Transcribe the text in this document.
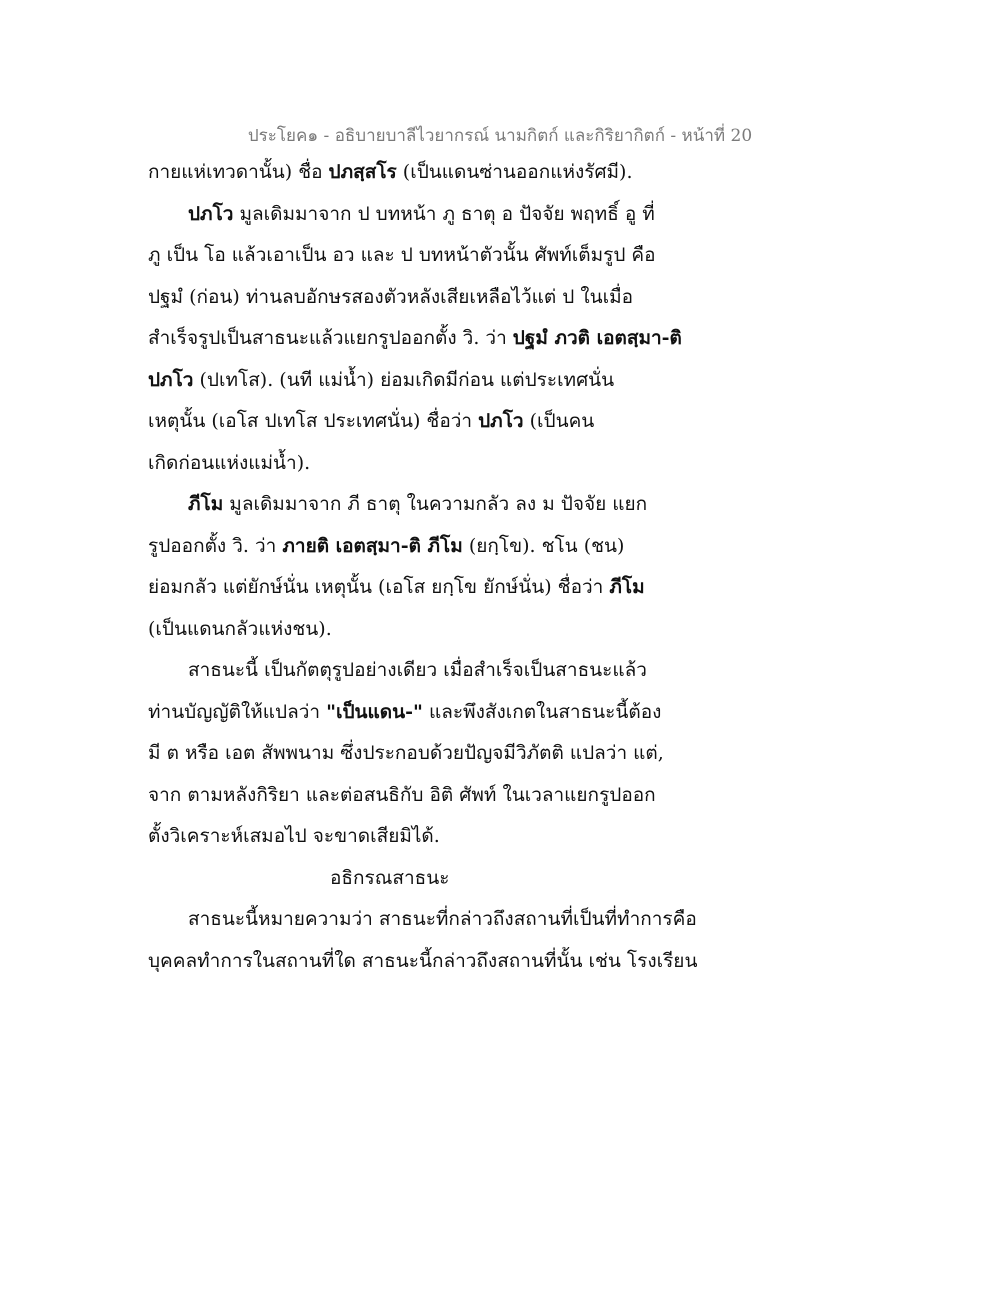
ประโยค๑ - อธิบายบาลีไวยากรณ์ นามกิตก์ และกิริยากิตก์ - หน้าที่ 20
กายแห่เทวดานั้น) ชื่อ ปภสฺสโร (เป็นแดนซ่านออกแห่งรัศมี).
ปภโว มูลเดิมมาจาก ป บทหน้า ภู ธาตุ อ ปัจจัย พฤทธิ์ อู ที่
ภู เป็น โอ แล้วเอาเป็น อว และ ป บทหน้าตัวนั้น ศัพท์เต็มรูป คือ
ปฐมํ (ก่อน) ท่านลบอักษรสองตัวหลังเสียเหลือไว้แต่ ป ในเมื่อ
สำเร็จรูปเป็นสาธนะแล้วแยกรูปออกตั้ง วิ. ว่า ปฐมํ ภวติ เอตสฺมา-ติ
ปภโว (ปเทโส). (นที แม่น้ำ) ย่อมเกิดมีก่อน แต่ประเทศนั่น
เหตุนั้น (เอโส ปเทโส ประเทศนั่น) ชื่อว่า ปภโว (เป็นคน
เกิดก่อนแห่งแม่น้ำ).
ภีโม มูลเดิมมาจาก ภี ธาตุ ในความกลัว ลง ม ปัจจัย แยก
รูปออกตั้ง วิ. ว่า ภายติ เอตสฺมา-ติ ภีโม (ยกฺโข). ชโน (ชน)
ย่อมกลัว แต่ยักษ์นั่น เหตุนั้น (เอโส ยกฺโข ยักษ์นั่น) ชื่อว่า ภีโม
(เป็นแดนกลัวแห่งชน).
สาธนะนี้ เป็นกัตตุรูปอย่างเดียว เมื่อสำเร็จเป็นสาธนะแล้ว
ท่านบัญญัติให้แปลว่า "เป็นแดน-" และพึงสังเกตในสาธนะนี้ต้อง
มี ต หรือ เอต สัพพนาม ซึ่งประกอบด้วยปัญจมีวิภัตติ แปลว่า แต่,
จาก ตามหลังกิริยา และต่อสนธิกับ อิติ ศัพท์ ในเวลาแยกรูปออก
ตั้งวิเคราะห์เสมอไป จะขาดเสียมิได้.
อธิกรณสาธนะ
สาธนะนี้หมายความว่า สาธนะที่กล่าวถึงสถานที่เป็นที่ทำการคือ
บุคคลทำการในสถานที่ใด สาธนะนี้กล่าวถึงสถานที่นั้น เช่น โรงเรียน
